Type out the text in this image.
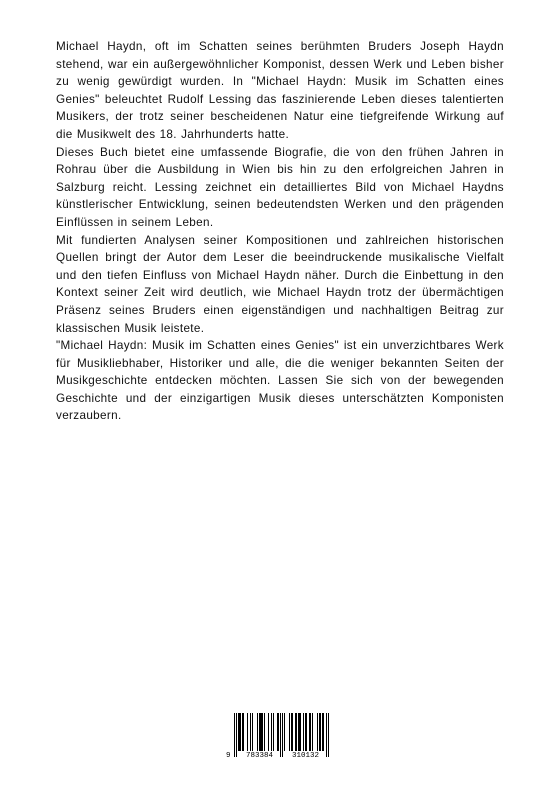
Michael Haydn, oft im Schatten seines berühmten Bruders Joseph Haydn stehend, war ein außergewöhnlicher Komponist, dessen Werk und Leben bisher zu wenig gewürdigt wurden. In "Michael Haydn: Musik im Schatten eines Genies" beleuchtet Rudolf Lessing das faszinierende Leben dieses talentierten Musikers, der trotz seiner bescheidenen Natur eine tiefgreifende Wirkung auf die Musikwelt des 18. Jahrhunderts hatte.

Dieses Buch bietet eine umfassende Biografie, die von den frühen Jahren in Rohrau über die Ausbildung in Wien bis hin zu den erfolgreichen Jahren in Salzburg reicht. Lessing zeichnet ein detailliertes Bild von Michael Haydns künstlerischer Entwicklung, seinen bedeutendsten Werken und den prägenden Einflüssen in seinem Leben.

Mit fundierten Analysen seiner Kompositionen und zahlreichen historischen Quellen bringt der Autor dem Leser die beeindruckende musikalische Vielfalt und den tiefen Einfluss von Michael Haydn näher. Durch die Einbettung in den Kontext seiner Zeit wird deutlich, wie Michael Haydn trotz der übermächtigen Präsenz seines Bruders einen eigenständigen und nachhaltigen Beitrag zur klassischen Musik leistete.

"Michael Haydn: Musik im Schatten eines Genies" ist ein unverzichtbares Werk für Musikliebhaber, Historiker und alle, die die weniger bekannten Seiten der Musikgeschichte entdecken möchten. Lassen Sie sich von der bewegenden Geschichte und der einzigartigen Musik dieses unterschätzten Komponisten verzaubern.

9 783384	310132
